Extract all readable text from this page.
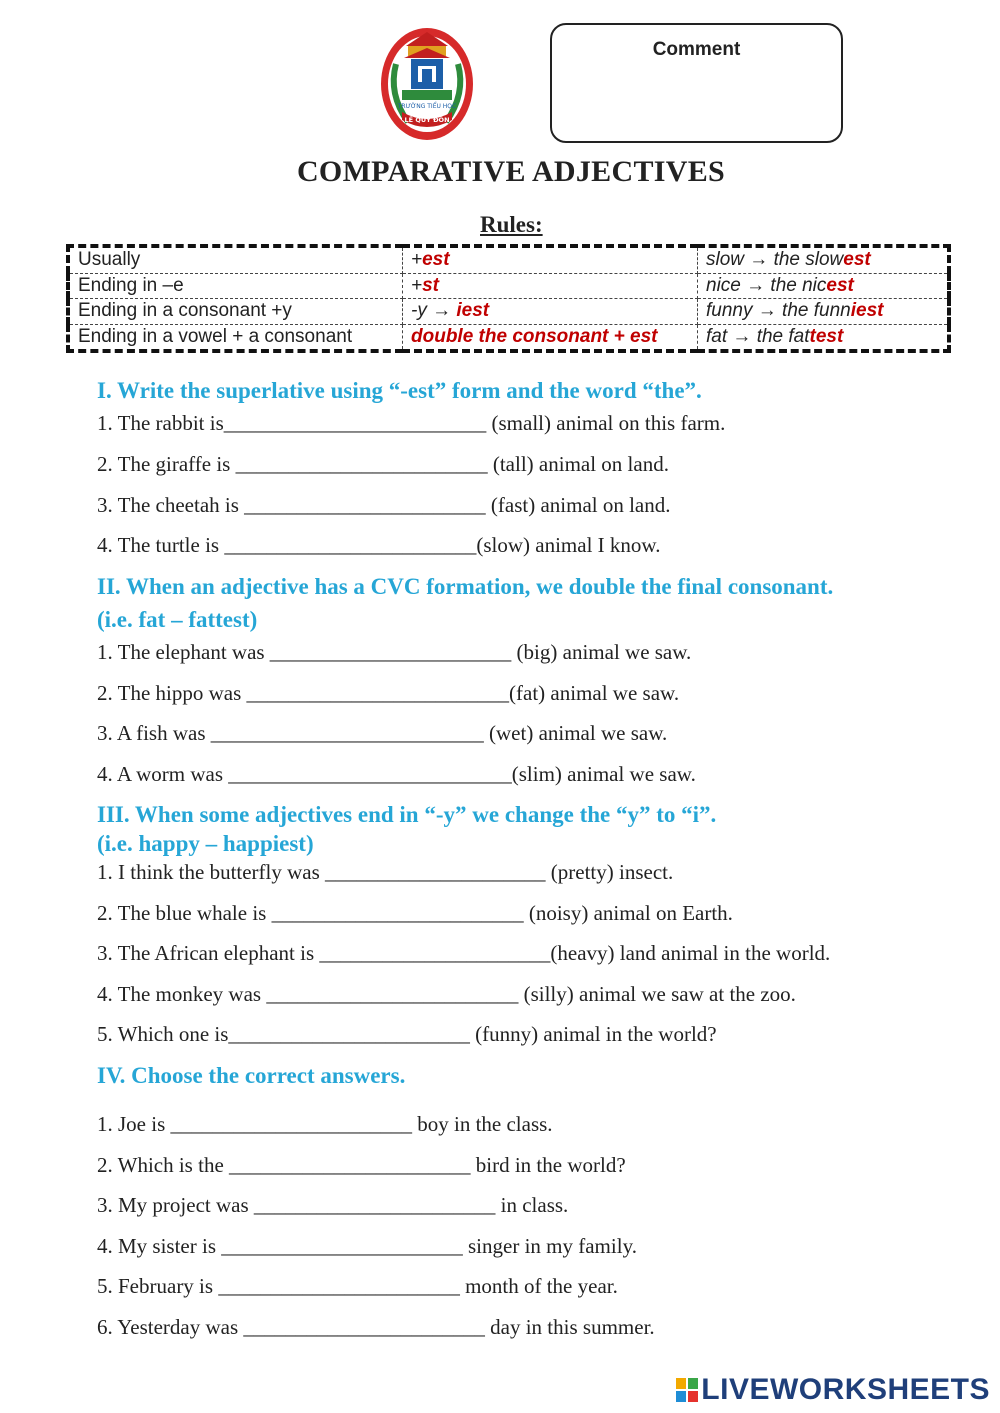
TRƯỜNG TIỂU HỌC
LÊ QUÝ ĐÔN
Comment
COMPARATIVE ADJECTIVES
Rules:
Usually	+est	slow → the slowest
Ending in –e	+st	nice → the nicest
Ending in a consonant +y	-y → iest	funny → the funniest
Ending in a vowel + a consonant	double the consonant + est	fat → the fattest
I. Write the superlative using “-est” form and the word “the”.
1. The rabbit is_________________________ (small) animal on this farm.
2. The giraffe is ________________________ (tall) animal on land.
3. The cheetah is _______________________ (fast) animal on land.
4. The turtle is ________________________(slow) animal I know.
II. When an adjective has a CVC formation, we double the final consonant.
(i.e. fat – fattest)
1. The elephant was _______________________ (big) animal we saw.
2. The hippo was _________________________(fat) animal we saw.
3. A fish was __________________________ (wet) animal we saw.
4. A worm was ___________________________(slim) animal we saw.
III. When some adjectives end in “-y” we change the “y” to “i”.
(i.e. happy – happiest)
1. I think the butterfly was _____________________ (pretty) insect.
2. The blue whale is ________________________ (noisy) animal on Earth.
3. The African elephant is ______________________(heavy) land animal in the world.
4. The monkey was ________________________ (silly) animal we saw at the zoo.
5. Which one is_______________________ (funny) animal in the world?
IV. Choose the correct answers.
1. Joe is _______________________ boy in the class.
2. Which is the _______________________ bird in the world?
3. My project was _______________________ in class.
4. My sister is _______________________ singer in my family.
5. February is _______________________ month of the year.
6. Yesterday was _______________________ day in this summer.
LIVEWORKSHEETS
